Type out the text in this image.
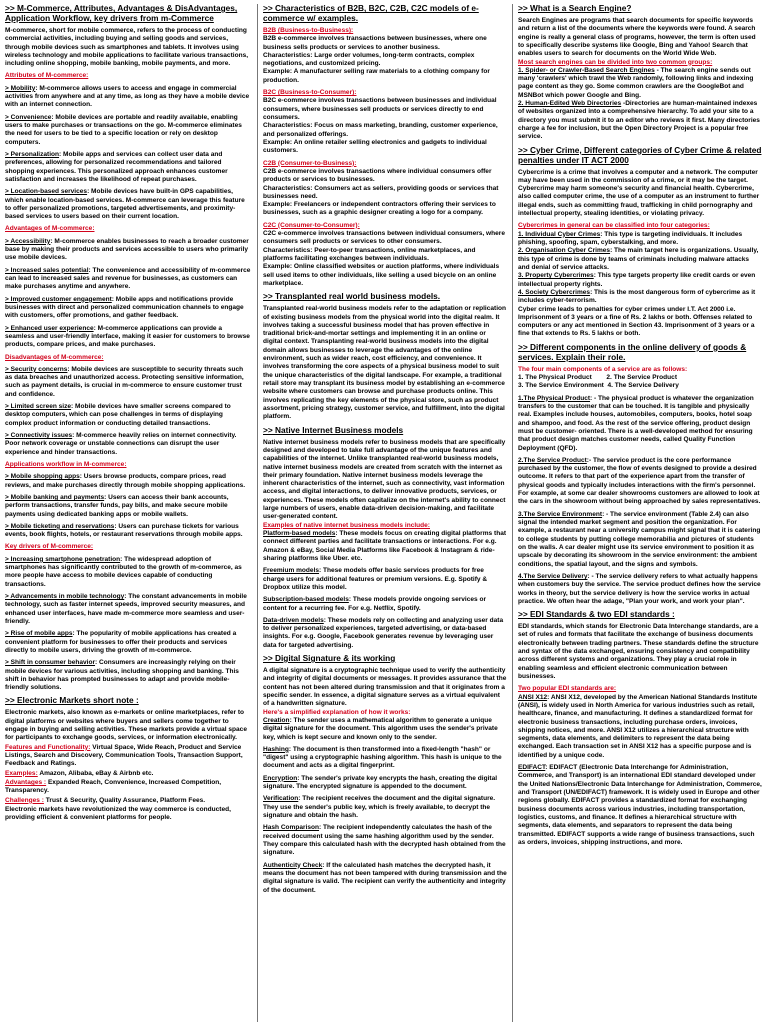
>> M-Commerce, Attributes, Advantages & DisAdvantages, Application Workflow, key drivers from m-Commerce

M-commerce, short for mobile commerce, refers to the process of conducting commercial activities, including buying and selling goods and services, through mobile devices such as smartphones and tablets. It involves using wireless technology and mobile applications to facilitate various transactions, including online shopping, mobile banking, mobile payments, and more.

Attributes of M-commerce:

> Mobility: M-commerce allows users to access and engage in commercial activities from anywhere and at any time, as long as they have a mobile device with an internet connection.

> Convenience: Mobile devices are portable and readily available, enabling users to make purchases or transactions on the go. M-commerce eliminates the need for users to be tied to a specific location or rely on desktop computers.

> Personalization: Mobile apps and services can collect user data and preferences, allowing for personalized recommendations and tailored shopping experiences. This personalized approach enhances customer satisfaction and increases the likelihood of repeat purchases.

> Location-based services: Mobile devices have built-in GPS capabilities, which enable location-based services. M-commerce can leverage this feature to offer personalized promotions, targeted advertisements, and proximity-based services to users based on their current location.

Advantages of M-commerce:

> Accessibility: M-commerce enables businesses to reach a broader customer base by making their products and services accessible to users who primarily use mobile devices.

> Increased sales potential: The convenience and accessibility of m-commerce can lead to increased sales and revenue for businesses, as customers can make purchases anytime and anywhere.

> Improved customer engagement: Mobile apps and notifications provide businesses with direct and personalized communication channels to engage with customers, offer promotions, and gather feedback.

> Enhanced user experience: M-commerce applications can provide a seamless and user-friendly interface, making it easier for customers to browse products, compare prices, and make purchases.

Disadvantages of M-commerce:

> Security concerns: Mobile devices are susceptible to security threats such as data breaches and unauthorized access. Protecting sensitive information, such as payment details, is crucial in m-commerce to ensure customer trust and confidence.

> Limited screen size: Mobile devices have smaller screens compared to desktop computers, which can pose challenges in terms of displaying complex product information or conducting detailed transactions.

> Connectivity issues: M-commerce heavily relies on internet connectivity. Poor network coverage or unstable connections can disrupt the user experience and hinder transactions.

Applications workflow in M-commerce:

> Mobile shopping apps: Users browse products, compare prices, read reviews, and make purchases directly through mobile shopping applications.

> Mobile banking and payments: Users can access their bank accounts, perform transactions, transfer funds, pay bills, and make secure mobile payments using dedicated banking apps or mobile wallets.

> Mobile ticketing and reservations: Users can purchase tickets for various events, book flights, hotels, or restaurant reservations through mobile apps.

Key drivers of M-commerce:

> Increasing smartphone penetration: The widespread adoption of smartphones has significantly contributed to the growth of m-commerce, as more people have access to mobile devices capable of conducting transactions.

> Advancements in mobile technology: The constant advancements in mobile technology, such as faster internet speeds, improved security measures, and enhanced user interfaces, have made m-commerce more seamless and user-friendly.

> Rise of mobile apps: The popularity of mobile applications has created a convenient platform for businesses to offer their products and services directly to mobile users, driving the growth of m-commerce.

> Shift in consumer behavior: Consumers are increasingly relying on their mobile devices for various activities, including shopping and banking. This shift in behavior has prompted businesses to adapt and provide mobile-friendly solutions.

>> Electronic Markets short note :

Electronic markets, also known as e-markets or online marketplaces, refer to digital platforms or websites where buyers and sellers come together to engage in buying and selling activities. These markets provide a virtual space for participants to exchange goods, services, or information electronically.

Features and Functionality: Virtual Space, Wide Reach, Product and Service Listings, Search and Discovery, Communication Tools, Transaction Support, Feedback and Ratings.

Examples: Amazon, Alibaba, eBay & Airbnb etc.

Advantages : Expanded Reach, Convenience, Increased Competition, Transparency.

Challenges : Trust & Security, Quality Assurance, Platform Fees.

Electronic markets have revolutionized the way commerce is conducted, providing efficient & convenient platforms for people.

>> Characteristics of B2B, B2C, C2B, C2C models of e-commerce w/ examples.
B2B (Business-to-Business):
B2B e-commerce involves transactions between businesses, where one business sells products or services to another business.
Characteristics: Large order volumes, long-term contracts, complex negotiations, and customized pricing.
Example: A manufacturer selling raw materials to a clothing company for production.
B2C (Business-to-Consumer):
B2C e-commerce involves transactions between businesses and individual consumers, where businesses sell products or services directly to end consumers.
Characteristics: Focus on mass marketing, branding, customer experience, and personalized offerings.
Example: An online retailer selling electronics and gadgets to individual customers.
C2B (Consumer-to-Business):
C2B e-commerce involves transactions where individual consumers offer products or services to businesses.
Characteristics: Consumers act as sellers, providing goods or services that businesses need.
Example: Freelancers or independent contractors offering their services to businesses, such as a graphic designer creating a logo for a company.
C2C (Consumer-to-Consumer):
C2C e-commerce involves transactions between individual consumers, where consumers sell products or services to other consumers.
Characteristics: Peer-to-peer transactions, online marketplaces, and platforms facilitating exchanges between individuals.
Example: Online classified websites or auction platforms, where individuals sell used items to other individuals, like selling a used bicycle on an online marketplace.
>> Transplanted real world business models.

Transplanted real-world business models refer to the adaptation or replication of existing business models from the physical world into the digital realm. It involves taking a successful business model that has proven effective in traditional brick-and-mortar settings and implementing it in an online or digital context. Transplanting real-world business models into the digital domain allows businesses to leverage the advantages of the online environment, such as wider reach, cost efficiency, and convenience. It involves transforming the core aspects of a physical business model to suit the unique characteristics of the digital landscape. For example, a traditional retail store may transplant its business model by establishing an e-commerce website where customers can browse and purchase products online. This involves replicating the key elements of the physical store, such as product assortment, pricing strategy, customer service, and fulfillment, into the digital platform.

>> Native Internet Business models

Native internet business models refer to business models that are specifically designed and developed to take full advantage of the unique features and capabilities of the internet. Unlike transplanted real-world business models, native internet business models are created from scratch with the internet as their primary foundation. Native internet business models leverage the inherent characteristics of the internet, such as connectivity, vast information access, and digital interactions, to deliver innovative products, services, or experiences. These models often capitalize on the internet's ability to connect large numbers of users, enable data-driven decision-making, and facilitate user-generated content.

Examples of native internet business models include:

Platform-based models: These models focus on creating digital platforms that connect different parties and facilitate transactions or interactions. For e.g. Amazon & eBay, Social Media Platforms like Facebook & Instagram & ride-sharing platforms like Uber. etc.

Freemium models: These models offer basic services products for free charge users for additional features or premium versions. E.g. Spotify & Dropbox utilize this model.

Subscription-based models: These models provide ongoing services or content for a recurring fee. For e.g. Netflix, Spotify.

Data-driven models: These models rely on collecting and analyzing user data to deliver personalized experiences, targeted advertising, or data-based insights. For e.g. Google, Facebook generates revenue by leveraging user data for targeted advertising.

>> Digital Signature & its working

A digital signature is a cryptographic technique used to verify the authenticity and integrity of digital documents or messages. It provides assurance that the content has not been altered during transmission and that it originates from a specific sender. In essence, a digital signature serves as a virtual equivalent of a handwritten signature.

Here's a simplified explanation of how it works:

Creation: The sender uses a mathematical algorithm to generate a unique digital signature for the document. This algorithm uses the sender's private key, which is kept secure and known only to the sender.

Hashing: The document is then transformed into a fixed-length "hash" or "digest" using a cryptographic hashing algorithm. This hash is unique to the document and acts as a digital fingerprint.

Encryption: The sender's private key encrypts the hash, creating the digital signature. The encrypted signature is appended to the document.

Verification: The recipient receives the document and the digital signature. They use the sender's public key, which is freely available, to decrypt the signature and obtain the hash.

Hash Comparison: The recipient independently calculates the hash of the received document using the same hashing algorithm used by the sender. They compare this calculated hash with the decrypted hash obtained from the signature.

Authenticity Check: If the calculated hash matches the decrypted hash, it means the document has not been tampered with during transmission and the digital signature is valid. The recipient can verify the authenticity and integrity of the document.

>> What is a Search Engine?

Search Engines are programs that search documents for specific keywords and return a list of the documents where the keywords were found. A search engine is really a general class of programs, however, the term is often used to specifically describe systems like Google, Bing and Yahoo! Search that enables users to search for documents on the World Wide Web.

Most search engines can be divided into two common groups:

1. Spider- or Crawler-Based Search Engines - The search engine sends out many 'crawlers' which trawl the Web randomly, following links and indexing page content as they go. Some common crawlers are the GoogleBot and MSNBot which power Google and Bing.

2. Human-Edited Web Directories -Directories are human-maintained indexes of websites organized into a comprehensive hierarchy. To add your site to a directory you must submit it to an editor who reviews it first. Many directories charge a fee for inclusion, but the Open Directory Project is a popular free service.

>> Cyber Crime, Different categories of Cyber Crime & related penalties under IT ACT 2000

Cybercrime is a crime that involves a computer and a network. The computer may have been used in the commission of a crime, or it may be the target. Cybercrime may harm someone's security and financial health. Cybercrime, also called computer crime, the use of a computer as an instrument to further illegal ends, such as committing fraud, trafficking in child pornography and intellectual property, stealing identities, or violating privacy.

Cybercrimes in general can be classified into four categories:
1. Individual Cyber Crimes: This type is targeting individuals. It includes phishing, spoofing, spam, cyberstalking, and more.
2. Organisation Cyber Crimes: The main target here is organizations. Usually, this type of crime is done by teams of criminals including malware attacks and denial of service attacks.
3. Property Cybercrimes: This type targets property like credit cards or even intellectual property rights.
4. Society Cybercrimes: This is the most dangerous form of cybercrime as it includes cyber-terrorism.

Cyber crime leads to penalties for cyber crimes under I.T. Act 2000 i.e. Imprisonment of 3 years or a fine of Rs. 2 lakhs or both. Offenses related to computers or any act mentioned in Section 43. Imprisonment of 3 years or a fine that extends to Rs. 5 lakhs or both.

>> Different components in the online delivery of goods & services. Explain their role.
The four main components of a service are as follows:
1. The Physical Product        2. The Service Product
3. The Service Environment  4. The Service Delivery

1.The Physical Product: - The physical product is whatever the organization transfers to the customer that can be touched. It is tangible and physically real. Examples include houses, automobiles, computers, books, hotel soap and shampoo, and food. As the rest of the service offering, product design must be customer- oriented. There is a well-developed method for ensuring that product design matches customer needs, called Quality Function Deployment (QFD).

2.The Service Product:- The service product is the core performance purchased by the customer, the flow of events designed to provide a desired outcome. It refers to that part of the experience apart from the transfer of physical goods and typically includes interactions with the firm's personnel. For example, at some car dealer showrooms customers are allowed to look at the cars in the showroom without being approached by sales representatives.

3.The Service Environment: - The service environment (Table 2.4) can also signal the intended market segment and position the organization. For example, a restaurant near a university campus might signal that it is catering to college students by putting college memorabilia and pictures of students on the walls. A car dealer might use its service environment to position it as upscale by decorating its showroom in the service environment: the ambient conditions, the spatial layout, and the signs and symbols.

4.The Service Delivery: - The service delivery refers to what actually happens when customers buy the service. The service product defines how the service works in theory, but the service delivery is how the service works in actual practice. We often hear the adage, "Plan your work, and work your plan".

>> EDI Standards & two EDI standards :

EDI standards, which stands for Electronic Data Interchange standards, are a set of rules and formats that facilitate the exchange of business documents electronically between trading partners. These standards define the structure and syntax of the data exchanged, ensuring consistency and compatibility across different systems and organizations. They play a crucial role in enabling seamless and efficient electronic communication between businesses.

Two popular EDI standards are:

ANSI X12: ANSI X12, developed by the American National Standards Institute (ANSI), is widely used in North America for various industries such as retail, healthcare, finance, and manufacturing. It defines a standardized format for electronic business transactions, including purchase orders, invoices, shipping notices, and more. ANSI X12 utilizes a hierarchical structure with segments, data elements, and delimiters to represent the data being exchanged. Each transaction set in ANSI X12 has a specific purpose and is identified by a unique code.

EDIFACT: EDIFACT (Electronic Data Interchange for Administration, Commerce, and Transport) is an international EDI standard developed under the United Nations/Electronic Data Interchange for Administration, Commerce, and Transport (UN/EDIFACT) framework. It is widely used in Europe and other regions globally. EDIFACT provides a standardized format for exchanging business documents across various industries, including transportation, logistics, customs, and finance. It defines a hierarchical structure with segments, data elements, and separators to represent the data being transmitted. EDIFACT supports a wide range of business transactions, such as orders, invoices, shipping instructions, and more.
